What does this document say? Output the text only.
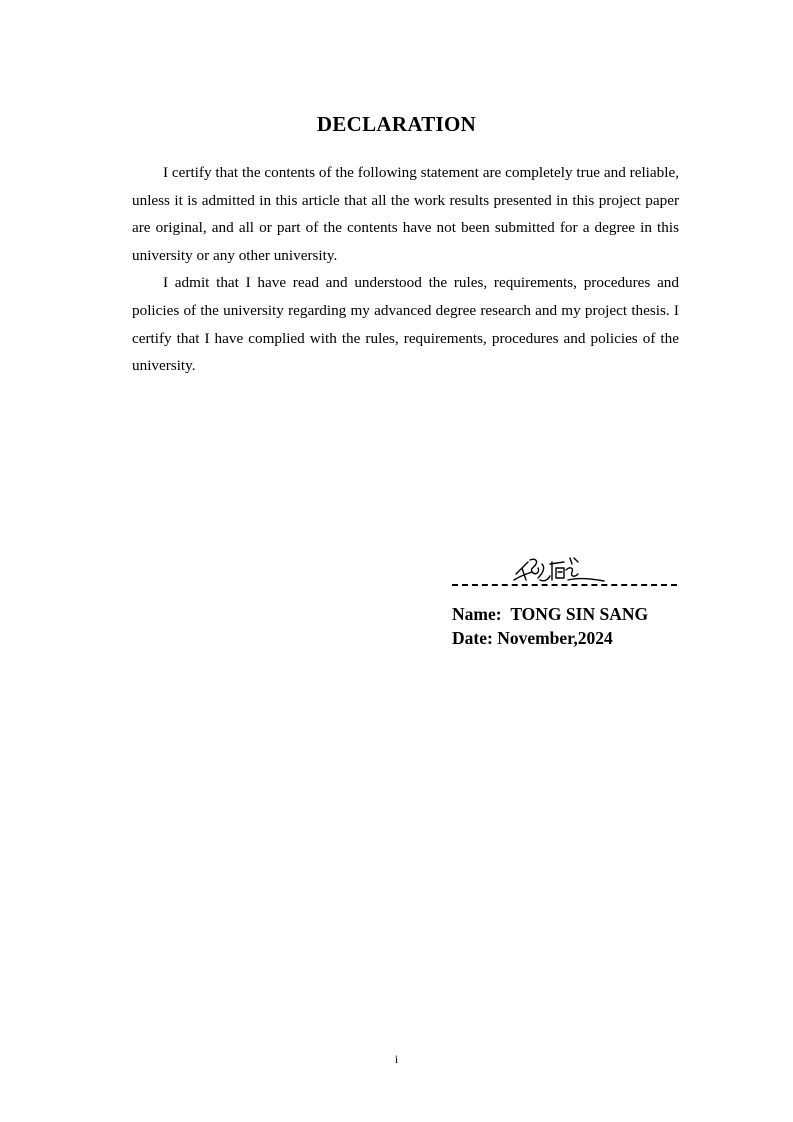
DECLARATION

I certify that the contents of the following statement are completely true and reliable, unless it is admitted in this article that all the work results presented in this project paper are original, and all or part of the contents have not been submitted for a degree in this university or any other university.

I admit that I have read and understood the rules, requirements, procedures and policies of the university regarding my advanced degree research and my project thesis. I certify that I have complied with the rules, requirements, procedures and policies of the university.

Name: TONG SIN SANG

Date: November,2024

i
